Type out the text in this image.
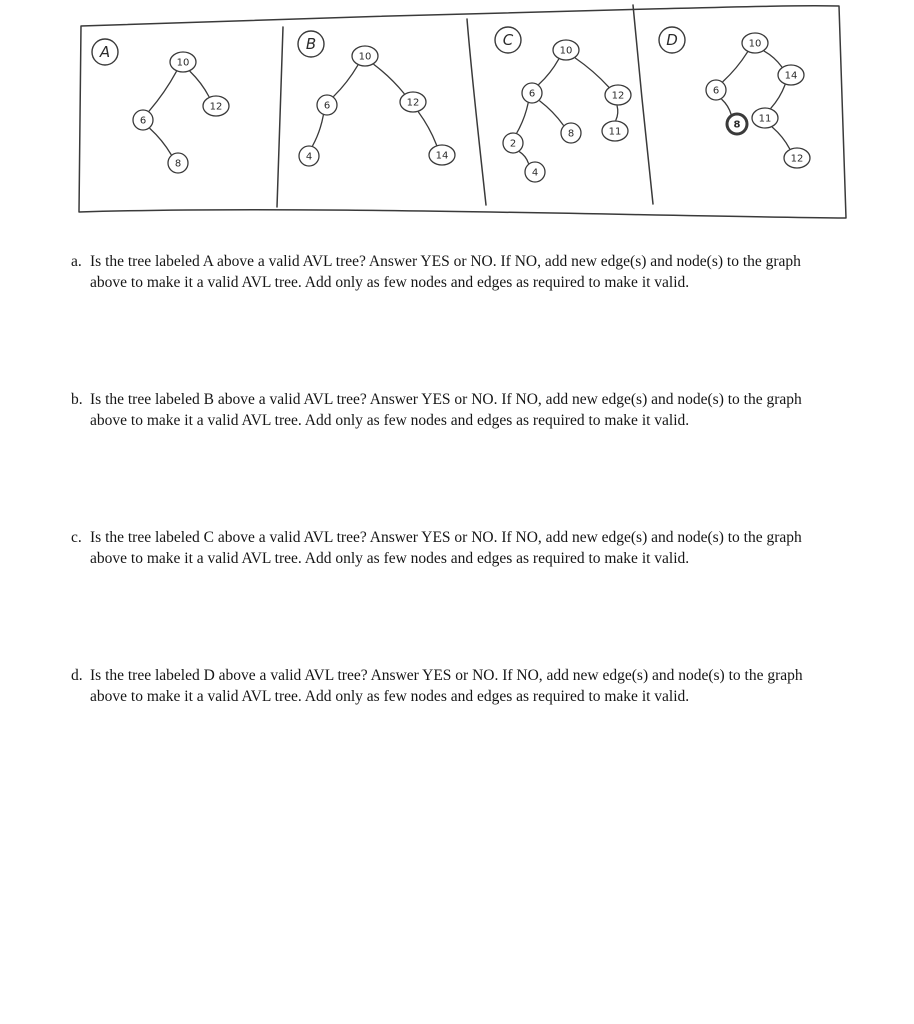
10
6
12
8
A	10
6	12
4	14
B	10
6	12
2
8	11
4
C	10
6
14
8
11
12
D
a. Is the tree labeled A above a valid AVL tree? Answer YES or NO. If NO, add new edge(s) and node(s) to the graph above to make it a valid AVL tree. Add only as few nodes and edges as required to make it valid.
b. Is the tree labeled B above a valid AVL tree? Answer YES or NO. If NO, add new edge(s) and node(s) to the graph above to make it a valid AVL tree. Add only as few nodes and edges as required to make it valid.
c. Is the tree labeled C above a valid AVL tree? Answer YES or NO. If NO, add new edge(s) and node(s) to the graph above to make it a valid AVL tree. Add only as few nodes and edges as required to make it valid.
d. Is the tree labeled D above a valid AVL tree? Answer YES or NO. If NO, add new edge(s) and node(s) to the graph above to make it a valid AVL tree. Add only as few nodes and edges as required to make it valid.
